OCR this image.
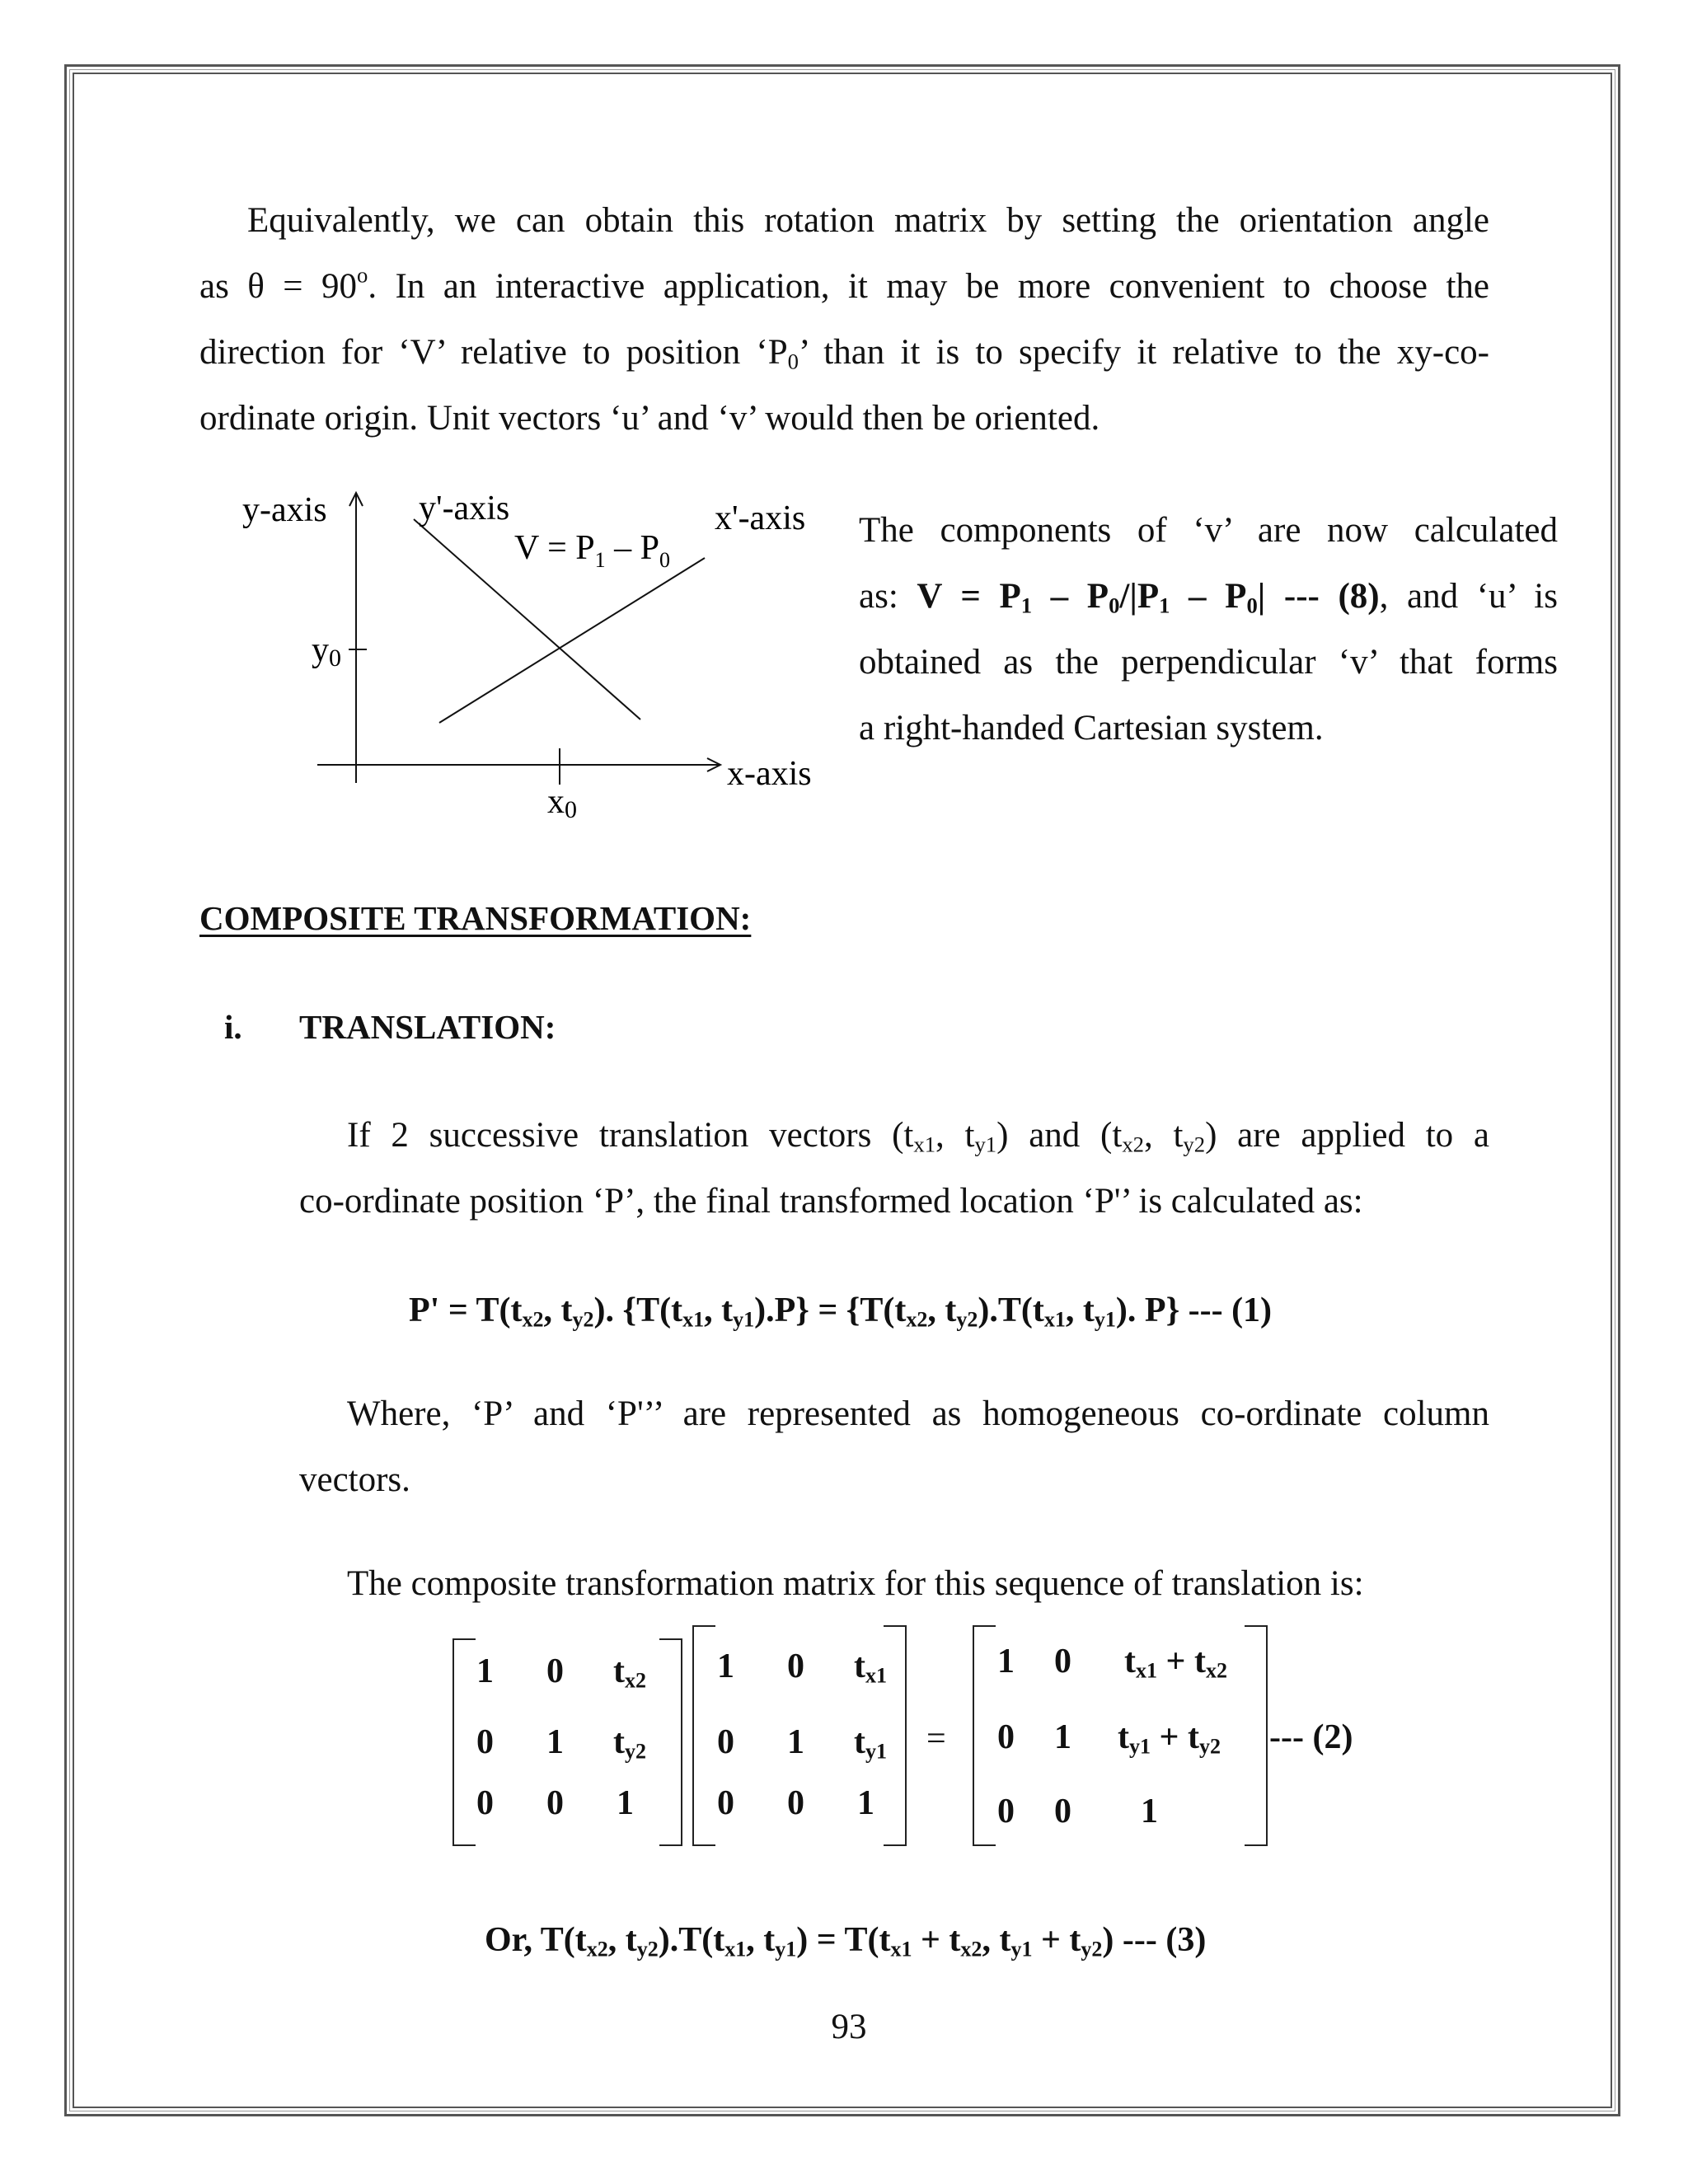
Equivalently, we can obtain this rotation matrix by setting the orientation angle
as $\theta = 90^o$. In an interactive application, it may be more convenient to choose the
direction for ‘V’ relative to position ‘$P_0$’ than it is to specify it relative to the xy-co-
ordinate origin. Unit vectors ‘u’ and ‘v’ would then be oriented.
y-axis	y'-axis	x'-axis
$V = P_1 - P_0$
y0
x-axis
x0
The components of ‘v’ are now calculated
as: $V = P_1 - P_0/|P_1 - P_0|$ --- (8), and ‘u’ is
obtained as the perpendicular ‘v’ that forms
a right-handed Cartesian system.
COMPOSITE TRANSFORMATION:
i. TRANSLATION:
If 2 successive translation vectors ($t_{x1}$, $t_{y1}$) and ($t_{x2}$, $t_{y2}$) are applied to a
co-ordinate position ‘P’, the final transformed location ‘P'’ is calculated as:
$P' = T(t_{x2}$, $t_{y2}$). {$T(t_{x1}$, $t_{y1}).P\} = \{T(t_{x2}$, $t_{y2}).T(t_{x1}$, $t_{y1}$). P} --- (1)
Where, ‘P’ and ‘P'’’ are represented as homogeneous co-ordinate column
vectors.
The composite transformation matrix for this sequence of translation is:
1 0 $t_{x2}$
0 1 $t_{y2}$
0 0 1
1 0 $t_{x1}$
0 1 $t_{y1}$
0 0 1
=
1 0 $t_{x1} + t_{x2}$
0 1 $t_{y1} + t_{y2}$
0 0 1
--- (2)
Or, $T(t_{x2}$, $t_{y2}).T(t_{x1}$, $t_{y1}) = T(t_{x1} + t_{x2}$, $t_{y1} + t_{y2}$) --- (3)
93
